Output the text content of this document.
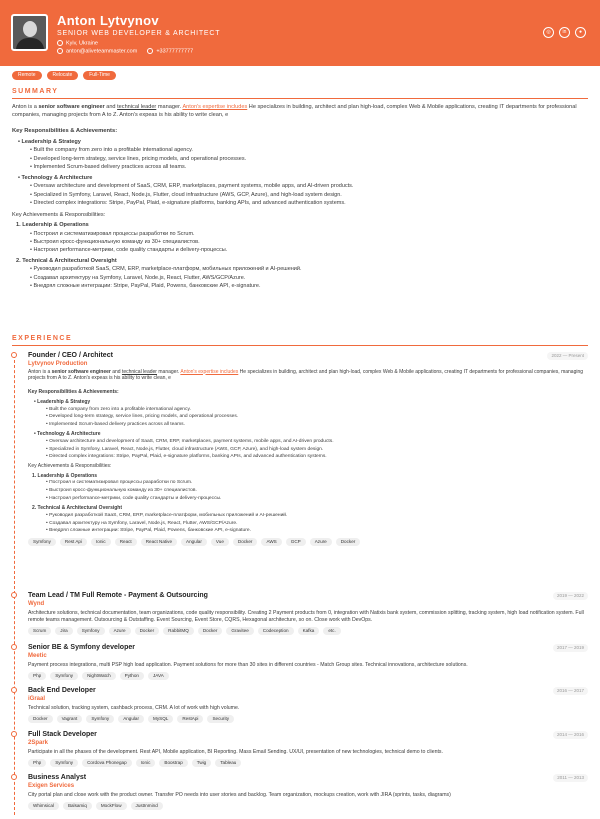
Anton Lytvynov
SENIOR WEB DEVELOPER & ARCHITECT
Kyiv, Ukraine
anton@aliveteammaster.com	+33777777777
◎	in	●
Remote	Relocate	Full-Time
SUMMARY
Anton is a senior software engineer and technical leader manager. Anton's expertise includes He specializes in building, architect and plan high-load, complex Web & Mobile applications, creating IT departments for professional companies, managing projects from A to Z. Anton's expeas is his ability to write clean, e
Key Responsibilities & Achievements:
• Leadership & Strategy
• Built the company from zero into a profitable international agency.
• Developed long-term strategy, service lines, pricing models, and operational processes.
• Implemented Scrum-based delivery practices across all teams.
• Technology & Architecture
• Oversaw architecture and development of SaaS, CRM, ERP, marketplaces, payment systems, mobile apps, and AI-driven products.
• Specialized in Symfony, Laravel, React, Node.js, Flutter, cloud infrastructure (AWS, GCP, Azure), and high-load system design.
• Directed complex integrations: Stripe, PayPal, Plaid, e-signature platforms, banking APIs, and advanced authentication systems.
Key Achievements & Responsibilities:
1. Leadership & Operations
• Построил и систематизировал процессы разработки по Scrum.
• Выстроил кросс-функциональную команду из 30+ специалистов.
• Настроил performance-метрики, code quality стандарты и delivery-процессы.
2. Technical & Architectural Oversight
• Руководил разработкой SaaS, CRM, ERP, marketplace-платформ, мобильных приложений и AI-решений.
• Создавал архитектуру на Symfony, Laravel, Node.js, React, Flutter, AWS/GCP/Azure.
• Внедрял сложные интеграции: Stripe, PayPal, Plaid, Powens, банковские API, e-signature.
EXPERIENCE
Founder / CEO / Architect
Lytvynov Production
2022 — Present
Anton is a senior software engineer and technical leader manager. Anton's expertise includes He specializes in building, architect and plan high-load, complex Web & Mobile applications, creating IT departments for professional companies, managing projects from A to Z. Anton's expeas is his ability to write clean, e
Key Responsibilities & Achievements:
• Leadership & Strategy
• Built the company from zero into a profitable international agency.
• Developed long-term strategy, service lines, pricing models, and operational processes.
• Implemented Scrum-based delivery practices across all teams.
• Technology & Architecture
• Oversaw architecture and development of SaaS, CRM, ERP, marketplaces, payment systems, mobile apps, and AI-driven products.
• Specialized in Symfony, Laravel, React, Node.js, Flutter, cloud infrastructure (AWS, GCP, Azure), and high-load system design.
• Directed complex integrations: Stripe, PayPal, Plaid, e-signature platforms, banking APIs, and advanced authentication systems.
Key Achievements & Responsibilities:
1. Leadership & Operations
• Построил и систематизировал процессы разработки по Scrum.
• Выстроил кросс-функциональную команду из 30+ специалистов.
• Настроил performance-метрики, code quality стандарты и delivery-процессы.
2. Technical & Architectural Oversight
• Руководил разработкой SaaS, CRM, ERP, marketplace-платформ, мобильных приложений и AI-решений.
• Создавал архитектуру на Symfony, Laravel, Node.js, React, Flutter, AWS/GCP/Azure.
• Внедрял сложные интеграции: Stripe, PayPal, Plaid, Powens, банковские API, e-signature.
Symfony	Rest Api	Ionic	React	React Native	Angular	Vue	Docker	AWS	GCP	Azure	Docker
Team Lead / TM Full Remote - Payment & Outsourcing
Wynd
2019 — 2022
Architecture solutions, technical documentation, team organizations, code quality responsibility. Creating 2 Payment products from 0, integration with Natixis bank system, commission splitting, tracking system, high load notification system. Full remote teams management. Outsourcing & Outstaffing. Event Sourcing, Event Store, CQRS, Hexagonal architecture, so on. Close work with DevOps.
Scrum	Jira	Symfony	Azure	Docker	RabbitMQ	Docker	Gravitee	Codeception	Kafka	etc.
Senior BE & Symfony developer
Meetic
2017 — 2019
Payment process integrations, multi PSP high load application. Payment solutions for more than 30 sites in different countries - Match Group sites. Technical innovations, architecture solutions.
Php	Symfony	NightWatch	Python	JAVA
Back End Developer
iGraal
2016 — 2017
Technical solution, tracking system, cashback process, CRM. A lot of work with high volume.
Docker	Vagrant	Symfony	Angular	MySQL	RestApi	Security
Full Stack Developer
2Spark
2014 — 2016
Participate in all the phases of the development. Rest API, Mobile application, BI Reporting. Mass Email Sending. UX/UI, presentation of new technologies, technical demo to clients.
Php	Symfony	Cordova Phonegap	Ionic	Boostrap	Twig	Tableau
Business Analyst
Exigen Services
2011 — 2013
City portal plan and close work with the product owner. Transfer PO needs into user stories and backlog. Team organization, mockups creation, work with JIRA (sprints, tasks, diagrams)
Whimsical	Balsamiq	MockFlow	JustInmind
